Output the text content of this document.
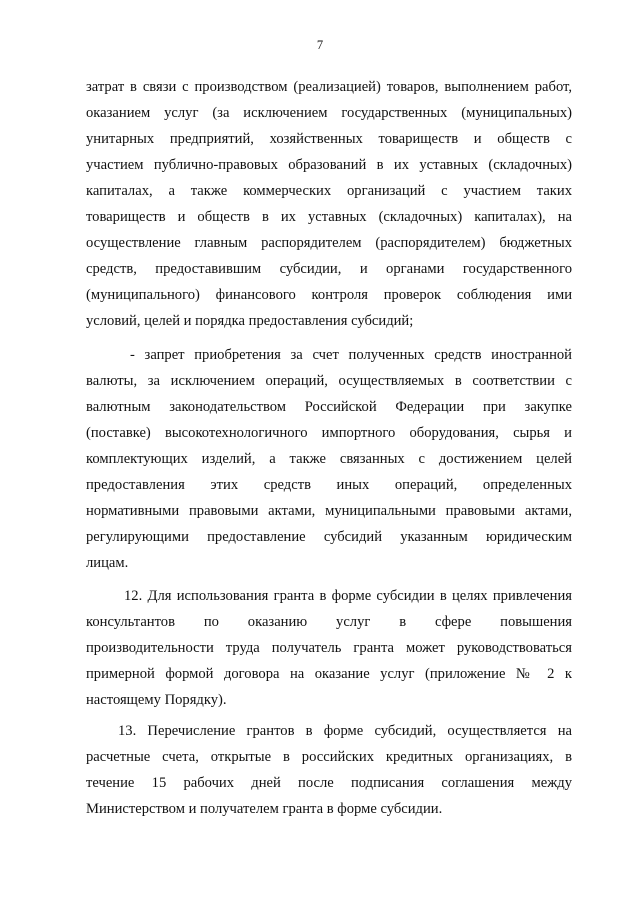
7
затрат в связи с производством (реализацией) товаров, выполнением работ,
оказанием услуг (за исключением государственных (муниципальных)
унитарных предприятий, хозяйственных товариществ и обществ с
участием публично-правовых образований в их уставных (складочных)
капиталах, а также коммерческих организаций с участием таких
товариществ и обществ в их уставных (складочных) капиталах), на
осуществление главным распорядителем (распорядителем) бюджетных
средств, предоставившим субсидии, и органами государственного
(муниципального) финансового контроля проверок соблюдения ими
условий, целей и порядка предоставления субсидий;
- запрет приобретения за счет полученных средств иностранной
валюты, за исключением операций, осуществляемых в соответствии с
валютным законодательством Российской Федерации при закупке
(поставке) высокотехнологичного импортного оборудования, сырья и
комплектующих изделий, а также связанных с достижением целей
предоставления этих средств иных операций, определенных
нормативными правовыми актами, муниципальными правовыми актами,
регулирующими предоставление субсидий указанным юридическим
лицам.
12. Для использования гранта в форме субсидии в целях привлечения
консультантов по оказанию услуг в сфере повышения
производительности труда получатель гранта может руководствоваться
примерной формой договора на оказание услуг (приложение № 2 к
настоящему Порядку).
13. Перечисление грантов в форме субсидий, осуществляется на
расчетные счета, открытые в российских кредитных организациях, в
течение 15 рабочих дней после подписания соглашения между
Министерством и получателем гранта в форме субсидии.
